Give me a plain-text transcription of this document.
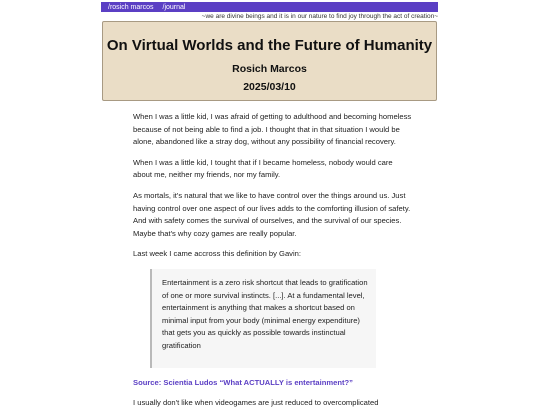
/rosich marcos	/journal
~we are divine beings and it is in our nature to find joy through the act of creation~
On Virtual Worlds and the Future of Humanity
Rosich Marcos
2025/03/10

When I was a little kid, I was afraid of getting to adulthood and becoming homeless because of not being able to find a job. I thought that in that situation I would be alone, abandoned like a stray dog, without any possibility of financial recovery.

When I was a little kid, I tought that if I became homeless, nobody would care about me, neither my friends, nor my family.

As mortals, it's natural that we like to have control over the things around us. Just having control over one aspect of our lives adds to the comforting illusion of safety. And with safety comes the survival of ourselves, and the survival of our species. Maybe that's why cozy games are really popular.

Last week I came accross this definition by Gavin:

Entertainment is a zero risk shortcut that leads to gratification of one or more survival instincts. [...]. At a fundamental level, entertainment is anything that makes a shortcut based on minimal input from your body (minimal energy expenditure) that gets you as quickly as possible towards instinctual gratification

Source: Scientia Ludos “What ACTUALLY is entertainment?”

I usually don't like when videogames are just reduced to overcomplicated
